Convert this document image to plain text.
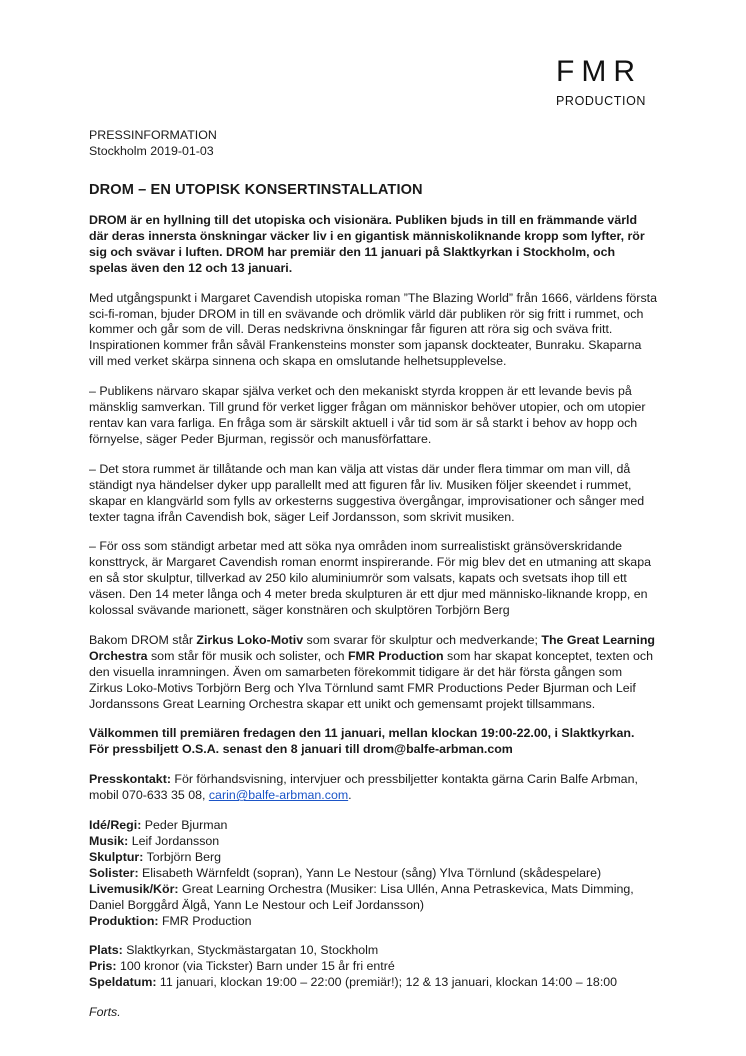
FMR
PRODUCTION

PRESSINFORMATION

Stockholm 2019-01-03

DROM – EN UTOPISK KONSERTINSTALLATION

DROM är en hyllning till det utopiska och visionära. Publiken bjuds in till en främmande värld där deras innersta önskningar väcker liv i en gigantisk människoliknande kropp som lyfter, rör sig och svävar i luften. DROM har premiär den 11 januari på Slaktkyrkan i Stockholm, och spelas även den 12 och 13 januari.

Med utgångspunkt i Margaret Cavendish utopiska roman ”The Blazing World” från 1666, världens första sci-fi-roman, bjuder DROM in till en svävande och drömlik värld där publiken rör sig fritt i rummet, och kommer och går som de vill. Deras nedskrivna önskningar får figuren att röra sig och sväva fritt. Inspirationen kommer från såväl Frankensteins monster som japansk dockteater, Bunraku. Skaparna vill med verket skärpa sinnena och skapa en omslutande helhetsupplevelse.

– Publikens närvaro skapar själva verket och den mekaniskt styrda kroppen är ett levande bevis på mänsklig samverkan. Till grund för verket ligger frågan om människor behöver utopier, och om utopier rentav kan vara farliga. En fråga som är särskilt aktuell i vår tid som är så starkt i behov av hopp och förnyelse, säger Peder Bjurman, regissör och manusförfattare.

– Det stora rummet är tillåtande och man kan välja att vistas där under flera timmar om man vill, då ständigt nya händelser dyker upp parallellt med att figuren får liv. Musiken följer skeendet i rummet, skapar en klangvärld som fylls av orkesterns suggestiva övergångar, improvisationer och sånger med texter tagna ifrån Cavendish bok, säger Leif Jordansson, som skrivit musiken.

– För oss som ständigt arbetar med att söka nya områden inom surrealistiskt gränsöverskridande konsttryck, är Margaret Cavendish roman enormt inspirerande. För mig blev det en utmaning att skapa en så stor skulptur, tillverkad av 250 kilo aluminiumrör som valsats, kapats och svetsats ihop till ett väsen. Den 14 meter långa och 4 meter breda skulpturen är ett djur med människo-liknande kropp, en kolossal svävande marionett, säger konstnären och skulptören Torbjörn Berg

Bakom DROM står Zirkus Loko-Motiv som svarar för skulptur och medverkande; The Great Learning Orchestra som står för musik och solister, och FMR Production som har skapat konceptet, texten och den visuella inramningen. Även om samarbeten förekommit tidigare är det här första gången som Zirkus Loko-Motivs Torbjörn Berg och Ylva Törnlund samt FMR Productions Peder Bjurman och Leif Jordanssons Great Learning Orchestra skapar ett unikt och gemensamt projekt tillsammans.

Välkommen till premiären fredagen den 11 januari, mellan klockan 19:00-22.00, i Slaktkyrkan. För pressbiljett O.S.A. senast den 8 januari till drom@balfe-arbman.com

Presskontakt: För förhandsvisning, intervjuer och pressbiljetter kontakta gärna Carin Balfe Arbman, mobil 070-633 35 08, carin@balfe-arbman.com.

Idé/Regi: Peder Bjurman

Musik: Leif Jordansson

Skulptur: Torbjörn Berg

Solister: Elisabeth Wärnfeldt (sopran), Yann Le Nestour (sång) Ylva Törnlund (skådespelare)

Livemusik/Kör: Great Learning Orchestra (Musiker: Lisa Ullén, Anna Petraskevica, Mats Dimming, Daniel Borggård Älgå, Yann Le Nestour och Leif Jordansson)

Produktion: FMR Production

Plats: Slaktkyrkan, Styckmästargatan 10, Stockholm

Pris: 100 kronor (via Tickster) Barn under 15 år fri entré

Speldatum: 11 januari, klockan 19:00 – 22:00 (premiär!); 12 & 13 januari, klockan 14:00 – 18:00

Forts.
